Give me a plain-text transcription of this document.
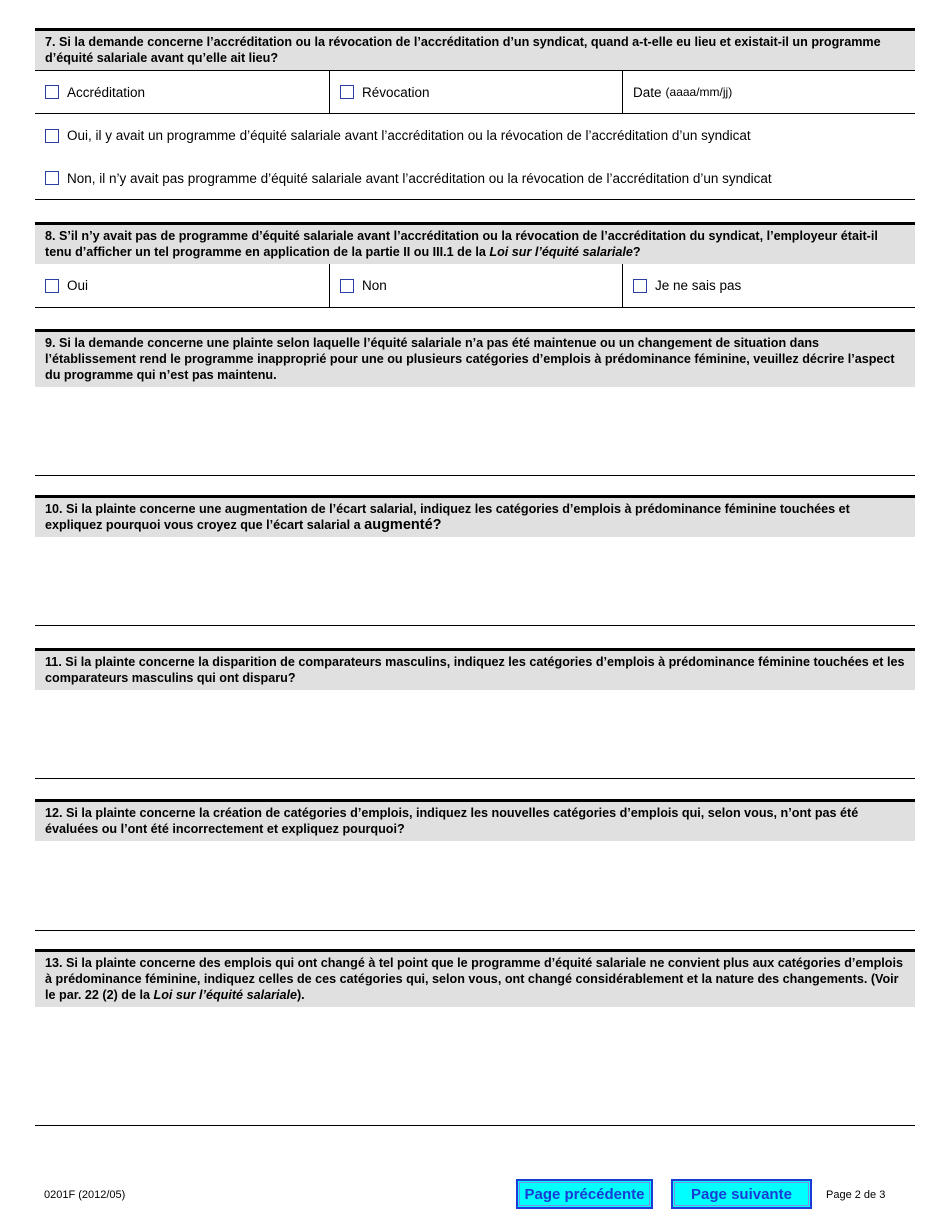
7. Si la demande concerne l’accréditation ou la révocation de l’accréditation d’un syndicat, quand a-t-elle eu lieu et existait-il un programme d’équité salariale avant qu’elle ait lieu?
Accréditation	Révocation	Date (aaaa/mm/jj)
Oui, il y avait un programme d’équité salariale avant l’accréditation ou la révocation de l’accréditation d’un syndicat
Non, il n’y avait pas programme d’équité salariale avant l’accréditation ou la révocation de l’accréditation d’un syndicat
8. S’il n’y avait pas de programme d’équité salariale avant l’accréditation ou la révocation de l’accréditation du syndicat, l’employeur était-il tenu d’afficher un tel programme en application de la partie II ou III.1 de la Loi sur l’équité salariale?
Oui	Non	Je ne sais pas
9. Si la demande concerne une plainte selon laquelle l’équité salariale n’a pas été maintenue ou un changement de situation dans l’établissement rend le programme inapproprié pour une ou plusieurs catégories d’emplois à prédominance féminine, veuillez décrire l’aspect du programme qui n’est pas maintenu.
10. Si la plainte concerne une augmentation de l’écart salarial, indiquez les catégories d’emplois à prédominance féminine touchées et expliquez pourquoi vous croyez que l’écart salarial a augmenté?
11. Si la plainte concerne la disparition de comparateurs masculins, indiquez les catégories d’emplois à prédominance féminine touchées et les comparateurs masculins qui ont disparu?
12. Si la plainte concerne la création de catégories d’emplois, indiquez les nouvelles catégories d’emplois qui, selon vous, n’ont pas été évaluées ou l’ont été incorrectement et expliquez pourquoi?
13. Si la plainte concerne des emplois qui ont changé à tel point que le programme d’équité salariale ne convient plus aux catégories d’emplois à prédominance féminine, indiquez celles de ces catégories qui, selon vous, ont changé considérablement et la nature des changements. (Voir le par. 22 (2) de la Loi sur l’équité salariale).
0201F (2012/05)	Page précédente	Page suivante	Page 2 de 3
